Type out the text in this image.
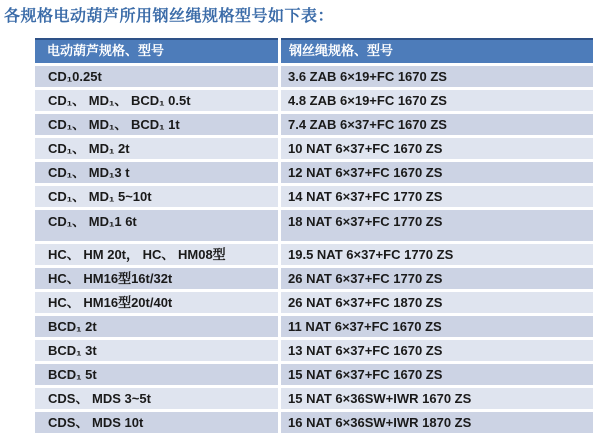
各规格电动葫芦所用钢丝绳规格型号如下表：
电动葫芦规格、型号	钢丝绳规格、型号
CD₁0.25t	3.6 ZAB 6×19+FC 1670 ZS
CD₁、 MD₁、 BCD₁ 0.5t	4.8 ZAB 6×19+FC 1670 ZS
CD₁、 MD₁、 BCD₁ 1t	7.4 ZAB 6×37+FC 1670 ZS
CD₁、 MD₁ 2t	10 NAT 6×37+FC 1670 ZS
CD₁、 MD₁3 t	12 NAT 6×37+FC 1670 ZS
CD₁、 MD₁ 5~10t	14 NAT 6×37+FC 1770 ZS
CD₁、 MD₁1 6t	18 NAT 6×37+FC 1770 ZS
HC、 HM 20t， HC、 HM08型	19.5 NAT 6×37+FC 1770 ZS
HC、 HM16型16t/32t	26 NAT 6×37+FC 1770 ZS
HC、 HM16型20t/40t	26 NAT 6×37+FC 1870 ZS
BCD₁ 2t	11 NAT 6×37+FC 1670 ZS
BCD₁ 3t	13 NAT 6×37+FC 1670 ZS
BCD₁ 5t	15 NAT 6×37+FC 1670 ZS
CDS、 MDS 3~5t	15 NAT 6×36SW+IWR 1670 ZS
CDS、 MDS 10t	16 NAT 6×36SW+IWR 1870 ZS
